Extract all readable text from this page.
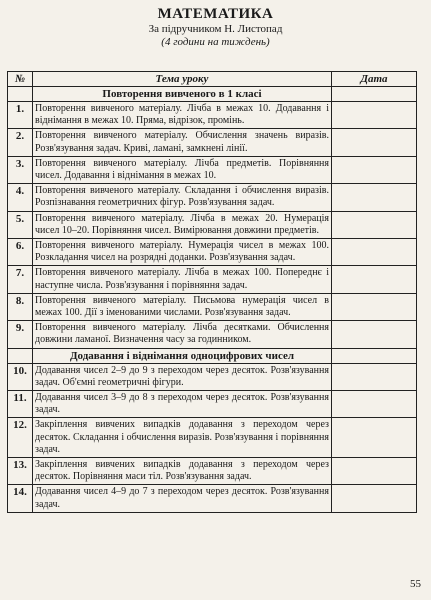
МАТЕМАТИКА
За підручником Н. Листопад
(4 години на тиждень)
№	Тема уроку	Дата
	Повторення вивченого в 1 класі	
1.	Повторення вивченого матеріалу. Лічба в межах 10. Додавання і віднімання в межах 10. Пряма, відрізок, промінь.	
2.	Повторення вивченого матеріалу. Обчислення значень виразів. Розв'язування задач. Криві, ламані, замкнені лінії.	
3.	Повторення вивченого матеріалу. Лічба предметів. Порівняння чисел. Додавання і віднімання в межах 10.	
4.	Повторення вивченого матеріалу. Складання і обчислення виразів. Розпізнавання геометричних фігур. Розв'язування задач.	
5.	Повторення вивченого матеріалу. Лічба в межах 20. Нумерація чисел 10–20. Порівняння чисел. Вимірювання довжини предметів.	
6.	Повторення вивченого матеріалу. Нумерація чисел в межах 100. Розкладання чисел на розрядні доданки. Розв'язування задач.	
7.	Повторення вивченого матеріалу. Лічба в межах 100. Попереднє і наступне числа. Розв'язування і порівняння задач.	
8.	Повторення вивченого матеріалу. Письмова нумерація чисел в межах 100. Дії з іменованими числами. Розв'язування задач.	
9.	Повторення вивченого матеріалу. Лічба десятками. Обчислення довжини ламаної. Визначення часу за годинником.	
	Додавання і віднімання одноцифрових чисел	
10.	Додавання чисел 2–9 до 9 з переходом через десяток. Розв'язування задач. Об'ємні геометричні фігури.	
11.	Додавання чисел 3–9 до 8 з переходом через десяток. Розв'язування задач.	
12.	Закріплення вивчених випадків додавання з переходом через десяток. Складання і обчислення виразів. Розв'язування і порівняння задач.	
13.	Закріплення вивчених випадків додавання з переходом через десяток. Порівняння маси тіл. Розв'язування задач.	
14.	Додавання чисел 4–9 до 7 з переходом через десяток. Розв'язування задач.	
55
